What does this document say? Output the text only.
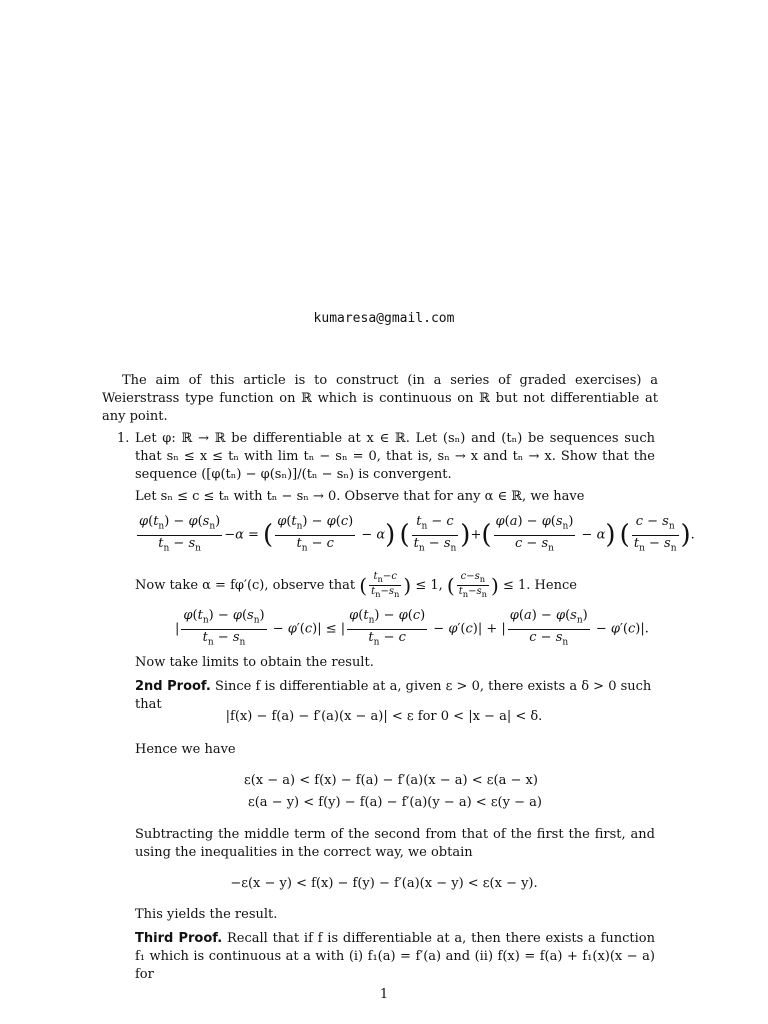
kumaresa@gmail.com
The aim of this article is to construct (in a series of graded exercises) a Weierstrass type function on ℝ which is continuous on ℝ but not differentiable at any point.
1. Let φ: ℝ → ℝ be differentiable at x ∈ ℝ. Let (sₙ) and (tₙ) be sequences such that sₙ ≤ x ≤ tₙ with lim tₙ − sₙ = 0, that is, sₙ → x and tₙ → x. Show that the sequence ([φ(tₙ) − φ(sₙ)]/(tₙ − sₙ) is convergent.
Let sₙ ≤ c ≤ tₙ with tₙ − sₙ → 0. Observe that for any α ∈ ℝ, we have
$\frac{\varphi(t_n) - \varphi(s_n)}{t_n - s_n} -\alpha$ = ( $\frac{\varphi(t_n) - \varphi(c)}{t_n - c} - \alpha$) ( $\frac{t_n - c}{t_n - s_n}$ )+( $\frac{\varphi(a) - \varphi(s_n)}{c - s_n} - \alpha$) ( $\frac{c - s_n}{t_n - s_n}$ ).
Now take α = fφ′(c), observe that ( $\frac{t_n-c}{t_n-s_n}$ ) ≤ 1, ( $\frac{c-s_n}{t_n-s_n}$ ) ≤ 1. Hence
| $\frac{\varphi(t_n) - \varphi(s_n)}{t_n - s_n} - \varphi'(c)|$ ≤ | $\frac{\varphi(t_n) - \varphi(c)}{t_n - c} - \varphi'(c)|$ + | $\frac{\varphi(a) - \varphi(s_n)}{c - s_n} - \varphi'(c)|$.
Now take limits to obtain the result.
2nd Proof. Since f is differentiable at a, given ε > 0, there exists a δ > 0 such that
|f(x) − f(a) − f′(a)(x − a)| < ε for 0 < |x − a| < δ.
Hence we have
ε(x − a) < f(x) − f(a) − f′(a)(x − a) < ε(a − x)
ε(a − y) < f(y) − f(a) − f′(a)(y − a) < ε(y − a)
Subtracting the middle term of the second from that of the first the first, and using the inequalities in the correct way, we obtain
−ε(x − y) < f(x) − f(y) − f′(a)(x − y) < ε(x − y).
This yields the result.
Third Proof. Recall that if f is differentiable at a, then there exists a function f₁ which is continuous at a with (i) f₁(a) = f′(a) and (ii) f(x) = f(a) + f₁(x)(x − a) for
1
